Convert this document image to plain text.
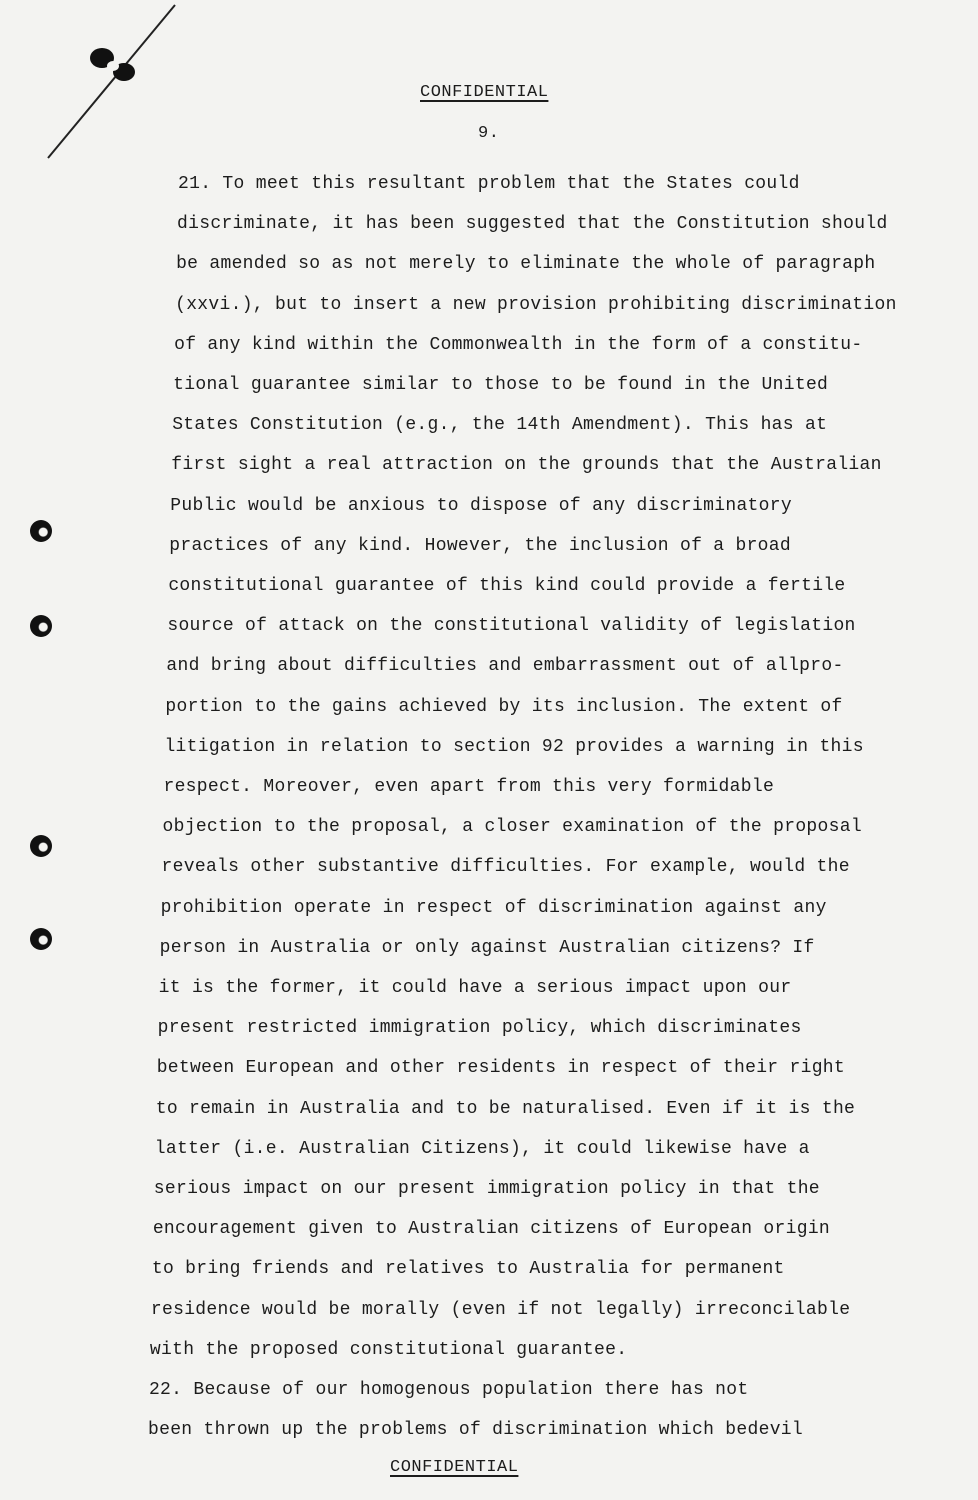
CONFIDENTIAL
9.
21. To meet this resultant problem that the States could
discriminate, it has been suggested that the Constitution should
be amended so as not merely to eliminate the whole of paragraph
(xxvi.), but to insert a new provision prohibiting discrimination
of any kind within the Commonwealth in the form of a constitu-
tional guarantee similar to those to be found in the United
States Constitution (e.g., the 14th Amendment). This has at
first sight a real attraction on the grounds that the Australian
Public would be anxious to dispose of any discriminatory
practices of any kind. However, the inclusion of a broad
constitutional guarantee of this kind could provide a fertile
source of attack on the constitutional validity of legislation
and bring about difficulties and embarrassment out of allpro-
portion to the gains achieved by its inclusion. The extent of
litigation in relation to section 92 provides a warning in this
respect. Moreover, even apart from this very formidable
objection to the proposal, a closer examination of the proposal
reveals other substantive difficulties. For example, would the
prohibition operate in respect of discrimination against any
person in Australia or only against Australian citizens? If
it is the former, it could have a serious impact upon our
present restricted immigration policy, which discriminates
between European and other residents in respect of their right
to remain in Australia and to be naturalised. Even if it is the
latter (i.e. Australian Citizens), it could likewise have a
serious impact on our present immigration policy in that the
encouragement given to Australian citizens of European origin
to bring friends and relatives to Australia for permanent
residence would be morally (even if not legally) irreconcilable
with the proposed constitutional guarantee.
22. Because of our homogenous population there has not
been thrown up the problems of discrimination which bedevil
CONFIDENTIAL
